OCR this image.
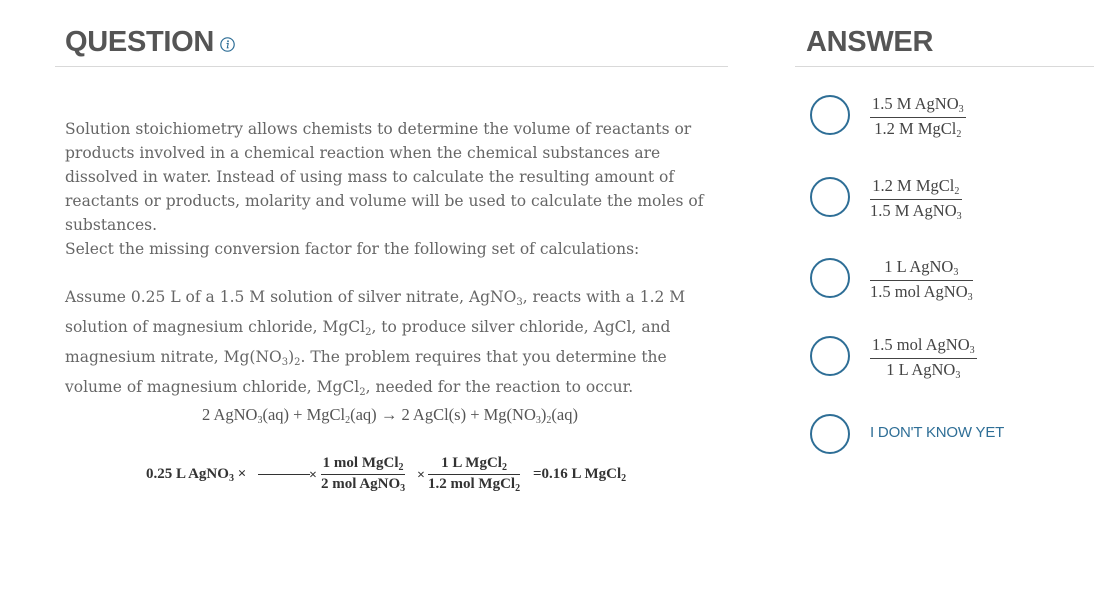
QUESTION	ANSWER

Solution stoichiometry allows chemists to determine the volume of reactants or products involved in a chemical reaction when the chemical substances are dissolved in water. Instead of using mass to calculate the resulting amount of reactants or products, molarity and volume will be used to calculate the moles of substances.

Select the missing conversion factor for the following set of calculations:

Assume 0.25 L of a 1.5 M solution of silver nitrate, AgNO$_3$, reacts with a 1.2 M solution of magnesium chloride, MgCl$_2$, to produce silver chloride, AgCl, and magnesium nitrate, $Mg(NO_3)_2$. The problem requires that you determine the volume of magnesium chloride, MgCl$_2$, needed for the reaction to occur.

2 AgNO$_3$(aq) + MgCl$_2$(aq) → 2 AgCl(s) + $Mg(NO_3)_2(aq)$
0.25 L AgNO$_3$ ×	×
1 mol MgCl$_2$
2 mol AgNO$_3$
×
1 L MgCl$_2$
1.2 mol MgCl$_2$
=0.16 L MgCl$_2$
1.5 M AgNO$_3$
1.2 M MgCl$_2$
1.2 M MgCl$_2$
1.5 M AgNO$_3$
1 L AgNO$_3$
1.5 mol AgNO$_3$
1.5 mol AgNO$_3$
1 L AgNO$_3$
I DON'T KNOW YET
